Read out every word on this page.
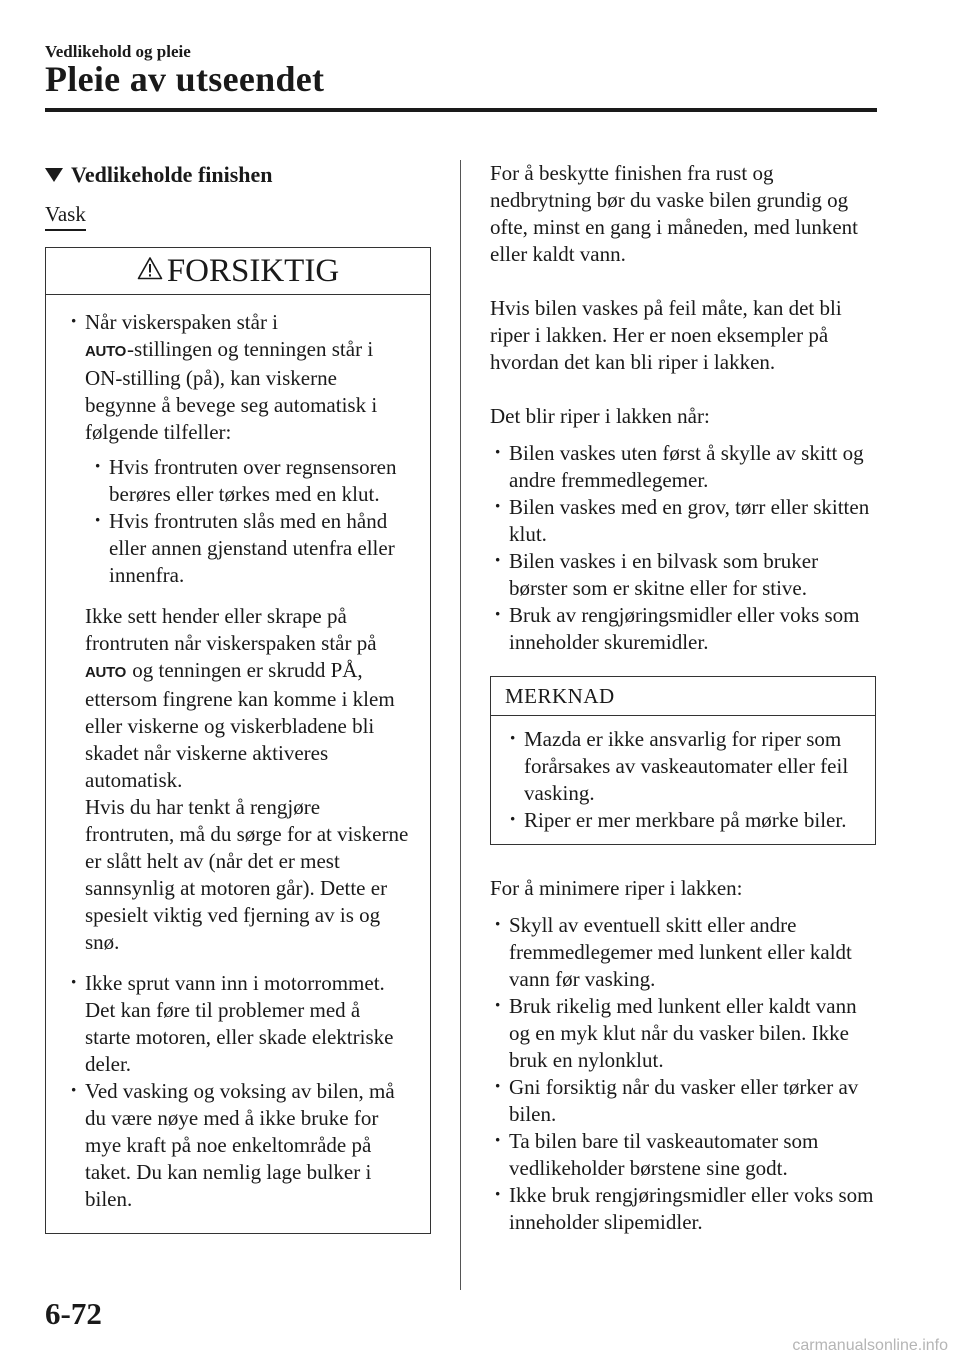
Vedlikehold og pleie
Pleie av utseendet
Vedlikeholde finishen
Vask
FORSIKTIG
· Når viskerspaken står i
AUTO-stillingen og tenningen står i ON-stilling (på), kan viskerne begynne å bevege seg automatisk i følgende tilfeller:
· Hvis frontruten over regnsensoren berøres eller tørkes med en klut.
· Hvis frontruten slås med en hånd eller annen gjenstand utenfra eller innenfra.
Ikke sett hender eller skrape på frontruten når viskerspaken står på
AUTO og tenningen er skrudd PÅ, ettersom fingrene kan komme i klem eller viskerne og viskerbladene bli skadet når viskerne aktiveres automatisk.
Hvis du har tenkt å rengjøre frontruten, må du sørge for at viskerne er slått helt av (når det er mest sannsynlig at motoren går). Dette er spesielt viktig ved fjerning av is og snø.
· Ikke sprut vann inn i motorrommet. Det kan føre til problemer med å starte motoren, eller skade elektriske deler.
· Ved vasking og voksing av bilen, må du være nøye med å ikke bruke for mye kraft på noe enkeltområde på taket. Du kan nemlig lage bulker i bilen.
For å beskytte finishen fra rust og nedbrytning bør du vaske bilen grundig og ofte, minst en gang i måneden, med lunkent eller kaldt vann.
Hvis bilen vaskes på feil måte, kan det bli riper i lakken. Her er noen eksempler på hvordan det kan bli riper i lakken.
Det blir riper i lakken når:
· Bilen vaskes uten først å skylle av skitt og andre fremmedlegemer.
· Bilen vaskes med en grov, tørr eller skitten klut.
· Bilen vaskes i en bilvask som bruker børster som er skitne eller for stive.
· Bruk av rengjøringsmidler eller voks som inneholder skuremidler.
MERKNAD
· Mazda er ikke ansvarlig for riper som forårsakes av vaskeautomater eller feil vasking.
· Riper er mer merkbare på mørke biler.
For å minimere riper i lakken:
· Skyll av eventuell skitt eller andre fremmedlegemer med lunkent eller kaldt vann før vasking.
· Bruk rikelig med lunkent eller kaldt vann og en myk klut når du vasker bilen. Ikke bruk en nylonklut.
· Gni forsiktig når du vasker eller tørker av bilen.
· Ta bilen bare til vaskeautomater som vedlikeholder børstene sine godt.
· Ikke bruk rengjøringsmidler eller voks som inneholder slipemidler.
6-72
carmanualsonline.info
